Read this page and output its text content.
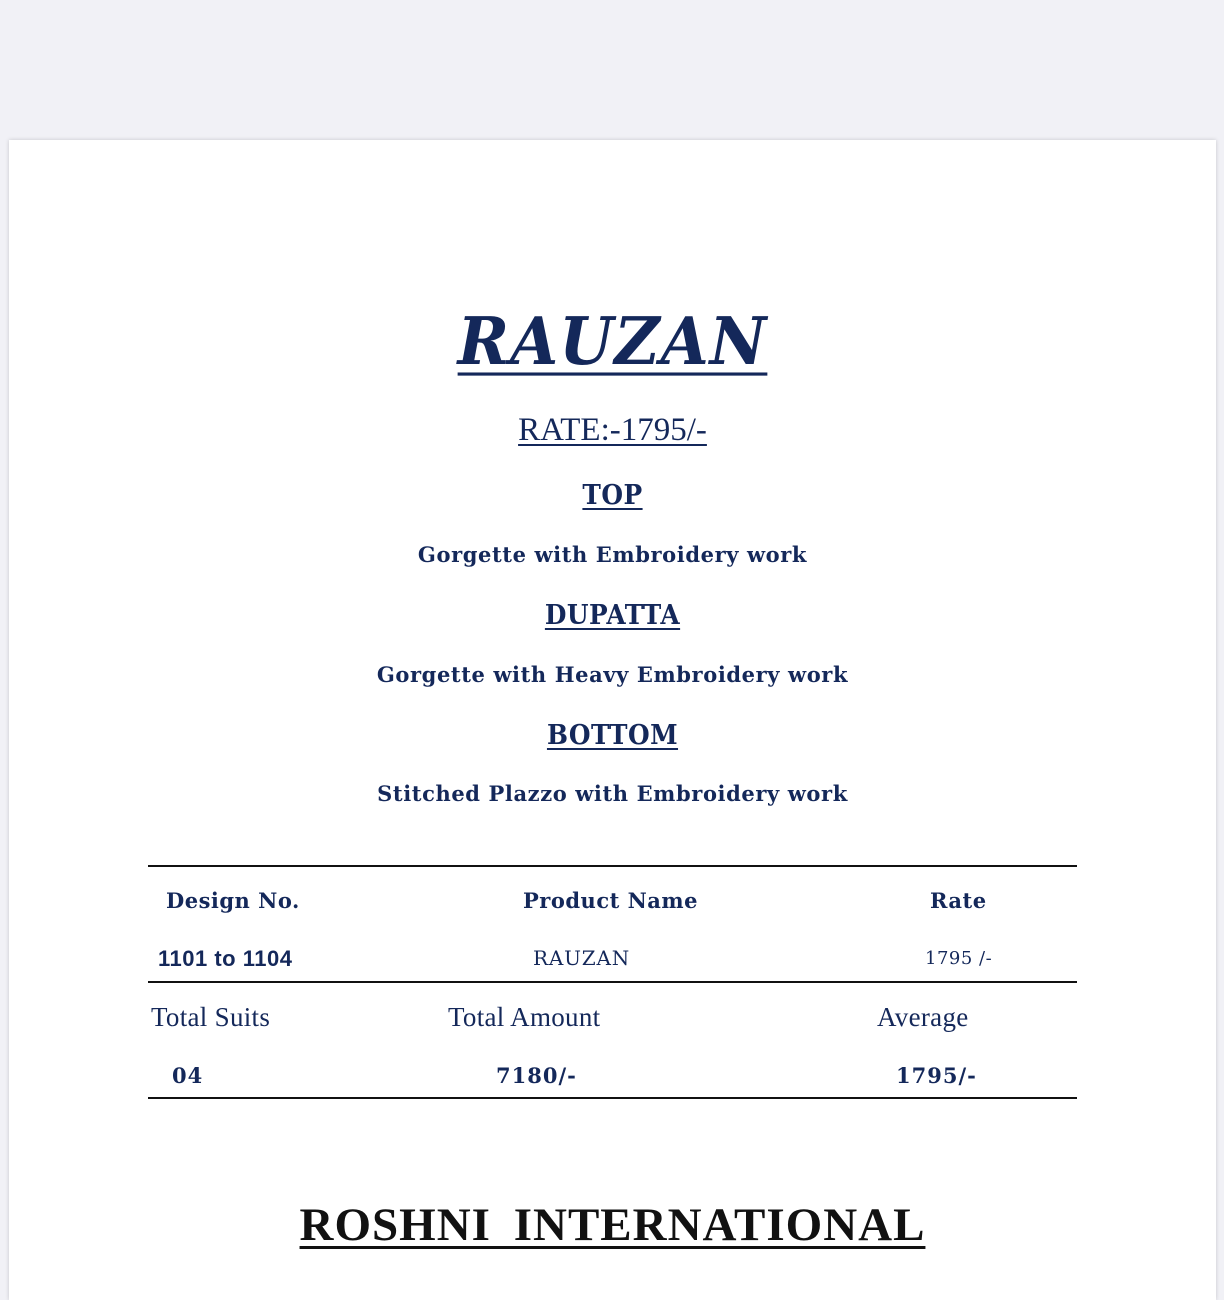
RAUZAN
RATE:-1795/-
TOP
Gorgette with Embroidery work
DUPATTA
Gorgette with Heavy Embroidery work
BOTTOM
Stitched Plazzo with Embroidery work
Design No.	Product Name	Rate
1101 to 1104	RAUZAN	1795 /-
Total Suits	Total Amount	Average
04	7180/-	1795/-
ROSHNI INTERNATIONAL
